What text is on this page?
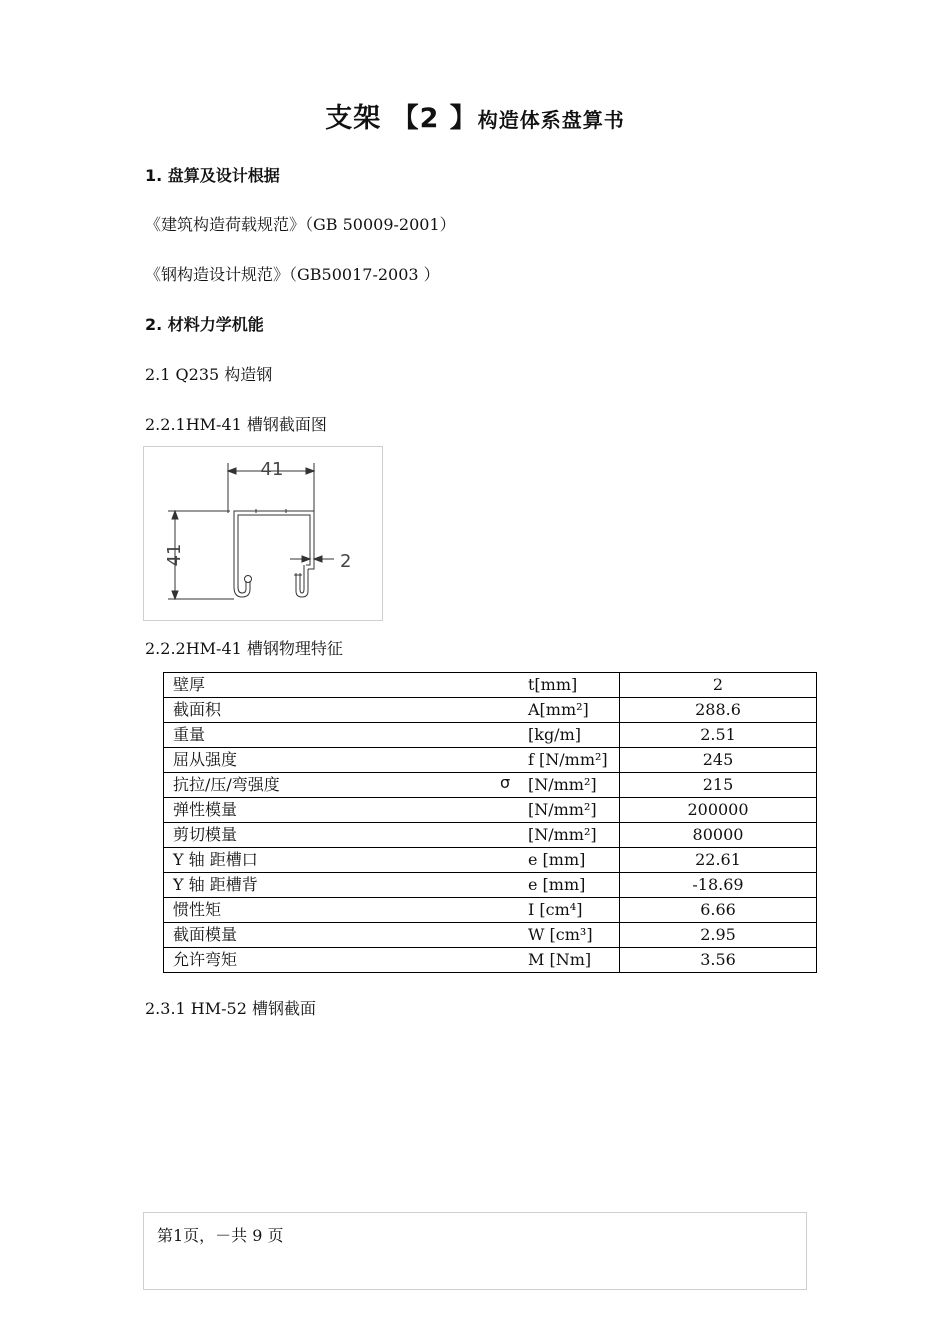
支架 【2 】构造体系盘算书
1. 盘算及设计根据
《建筑构造荷载规范》（GB 50009-2001）
《钢构造设计规范》（GB50017-2003 ）
2. 材料力学机能
2.1 Q235 构造钢
2.2.1HM-41 槽钢截面图
41
41	2
2.2.2HM-41 槽钢物理特征
壁厚 t[mm]	2

截面积 A[mm²]	288.6

重量 [kg/m]	2.51

屈从强度 f [N/mm²]	245

抗拉/压/弯强度 σ [N/mm²]	215

弹性模量 [N/mm²]	200000

剪切模量 [N/mm²]	80000

Y 轴 距槽口 e [mm]	22.61

Y 轴 距槽背 e [mm]	-18.69

惯性矩 I [cm⁴]	6.66

截面模量 W [cm³]	2.95

允许弯矩 M [Nm]	3.56
2.3.1 HM-52 槽钢截面
第1页，－共 9 页
